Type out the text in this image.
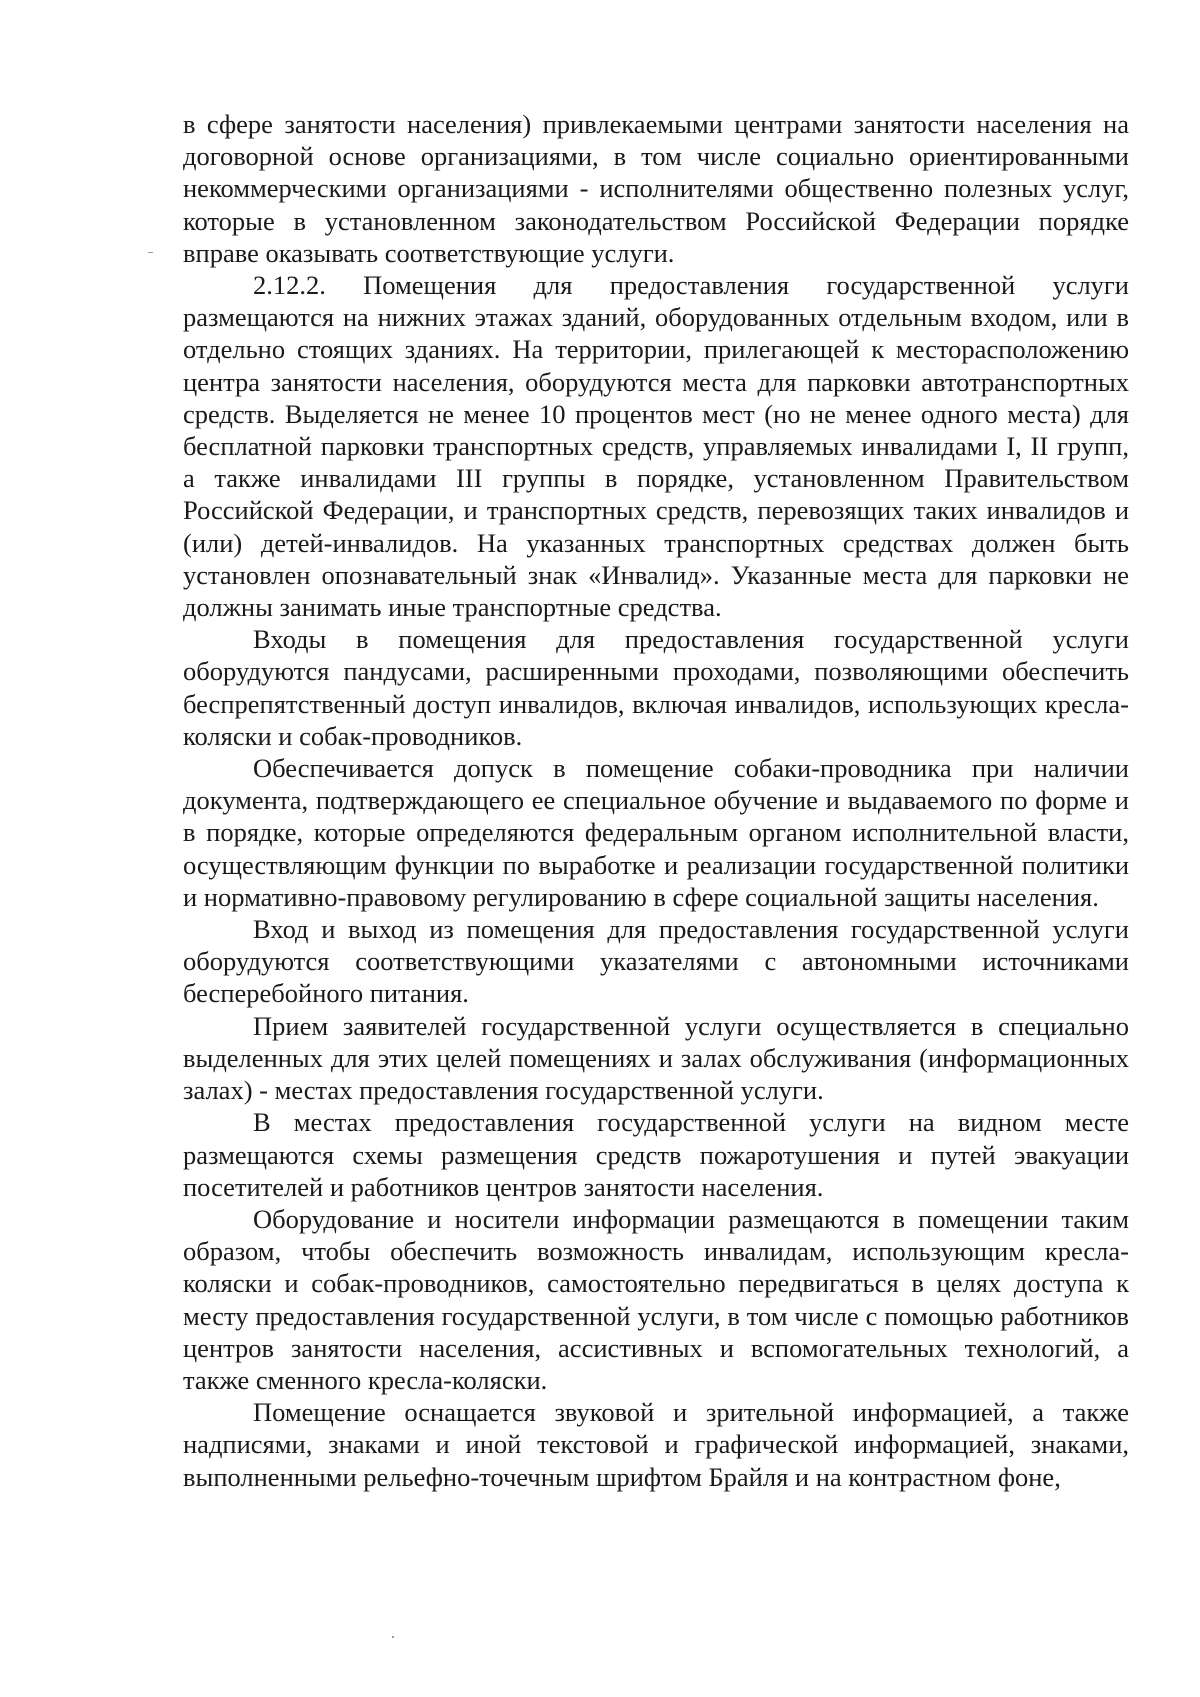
в сфере занятости населения) привлекаемыми центрами занятости населения на договорной основе организациями, в том числе социально ориентированными некоммерческими организациями - исполнителями общественно полезных услуг, которые в установленном законодательством Российской Федерации порядке вправе оказывать соответствующие услуги.

2.12.2. Помещения для предоставления государственной услуги размещаются на нижних этажах зданий, оборудованных отдельным входом, или в отдельно стоящих зданиях. На территории, прилегающей к месторасположению центра занятости населения, оборудуются места для парковки автотранспортных средств. Выделяется не менее 10 процентов мест (но не менее одного места) для бесплатной парковки транспортных средств, управляемых инвалидами I, II групп, а также инвалидами III группы в порядке, установленном Правительством Российской Федерации, и транспортных средств, перевозящих таких инвалидов и (или) детей-инвалидов. На указанных транспортных средствах должен быть установлен опознавательный знак «Инвалид». Указанные места для парковки не должны занимать иные транспортные средства.

Входы в помещения для предоставления государственной услуги оборудуются пандусами, расширенными проходами, позволяющими обеспечить беспрепятственный доступ инвалидов, включая инвалидов, использующих кресла-коляски и собак-проводников.

Обеспечивается допуск в помещение собаки-проводника при наличии документа, подтверждающего ее специальное обучение и выдаваемого по форме и в порядке, которые определяются федеральным органом исполнительной власти, осуществляющим функции по выработке и реализации государственной политики и нормативно-правовому регулированию в сфере социальной защиты населения.

Вход и выход из помещения для предоставления государственной услуги оборудуются соответствующими указателями с автономными источниками бесперебойного питания.

Прием заявителей государственной услуги осуществляется в специально выделенных для этих целей помещениях и залах обслуживания (информационных залах) - местах предоставления государственной услуги.

В местах предоставления государственной услуги на видном месте размещаются схемы размещения средств пожаротушения и путей эвакуации посетителей и работников центров занятости населения.

Оборудование и носители информации размещаются в помещении таким образом, чтобы обеспечить возможность инвалидам, использующим кресла-коляски и собак-проводников, самостоятельно передвигаться в целях доступа к месту предоставления государственной услуги, в том числе с помощью работников центров занятости населения, ассистивных и вспомогательных технологий, а также сменного кресла-коляски.

Помещение оснащается звуковой и зрительной информацией, а также надписями, знаками и иной текстовой и графической информацией, знаками, выполненными рельефно-точечным шрифтом Брайля и на контрастном фоне,
